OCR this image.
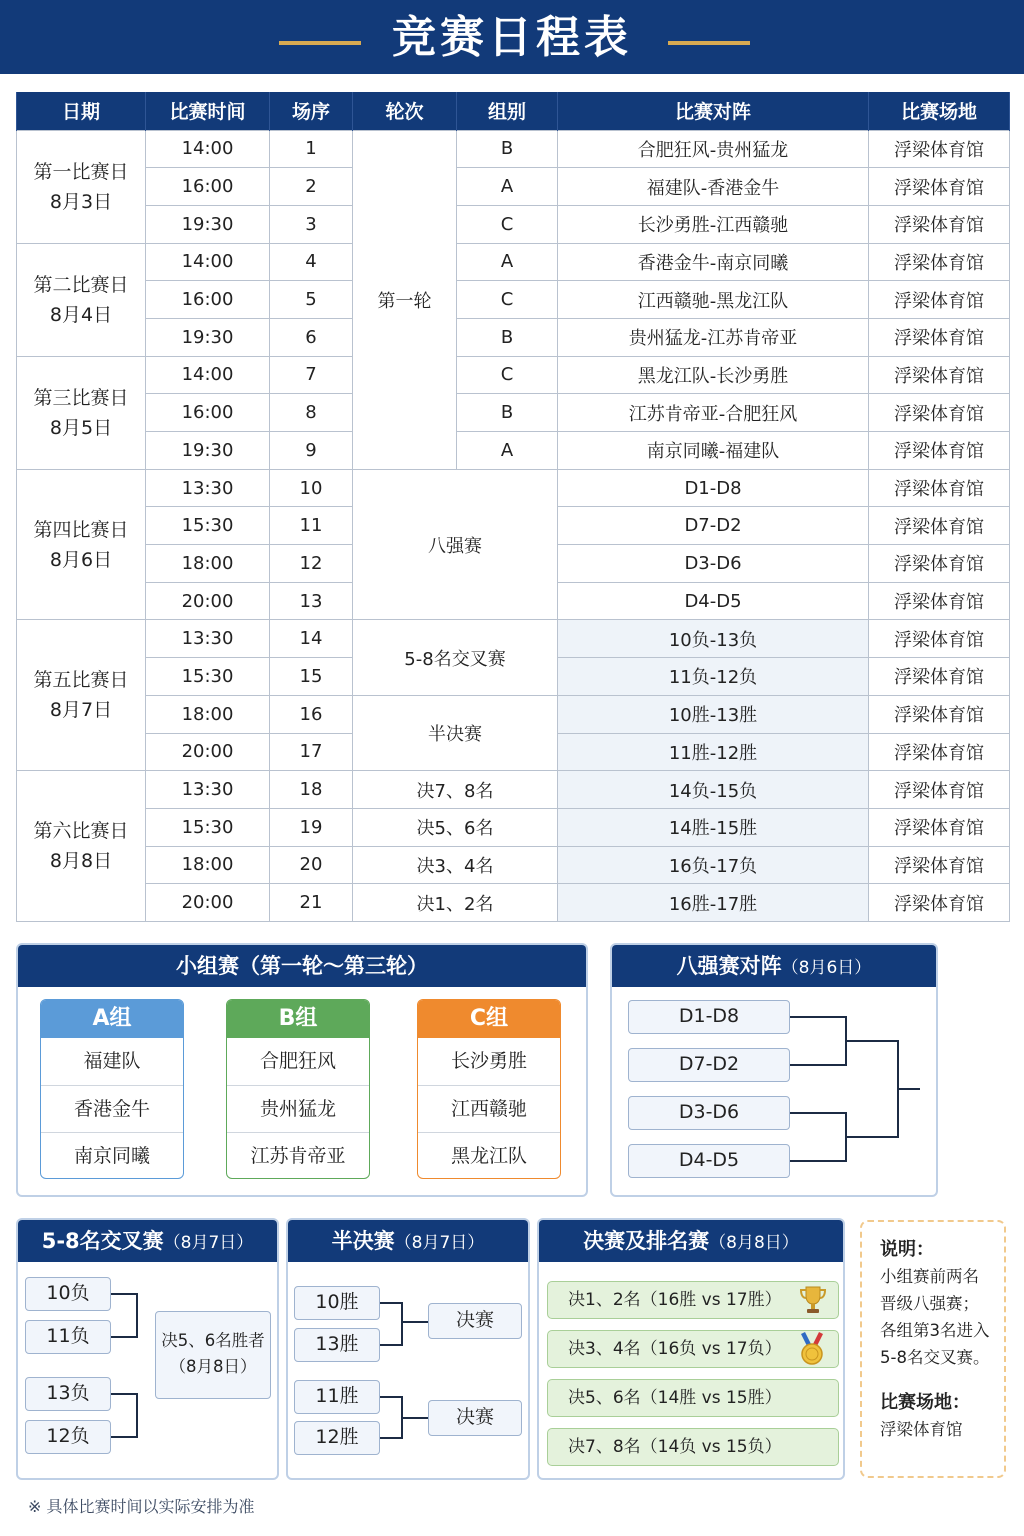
竞赛日程表
日期	比赛时间	场序	轮次	组别	比赛对阵	比赛场地
第一比赛日
8月3日	14:00	1	第一轮	B	合肥狂风-贵州猛龙	浮梁体育馆
	16:00	2		A	福建队-香港金牛	浮梁体育馆
	19:30	3		C	长沙勇胜-江西赣驰	浮梁体育馆
第二比赛日
8月4日	14:00	4		A	香港金牛-南京同曦	浮梁体育馆
	16:00	5		C	江西赣驰-黑龙江队	浮梁体育馆
	19:30	6		B	贵州猛龙-江苏肯帝亚	浮梁体育馆
第三比赛日
8月5日	14:00	7		C	黑龙江队-长沙勇胜	浮梁体育馆
	16:00	8		B	江苏肯帝亚-合肥狂风	浮梁体育馆
	19:30	9		A	南京同曦-福建队	浮梁体育馆
第四比赛日
8月6日	13:30	10	八强赛		D1-D8	浮梁体育馆
	15:30	11			D7-D2	浮梁体育馆
	18:00	12			D3-D6	浮梁体育馆
	20:00	13			D4-D5	浮梁体育馆
第五比赛日
8月7日	13:30	14	5-8名交叉赛		10负-13负	浮梁体育馆
	15:30	15			11负-12负	浮梁体育馆
	18:00	16	半决赛		10胜-13胜	浮梁体育馆
	20:00	17			11胜-12胜	浮梁体育馆
第六比赛日
8月8日	13:30	18	决7、8名		14负-15负	浮梁体育馆
	15:30	19	决5、6名		14胜-15胜	浮梁体育馆
	18:00	20	决3、4名		16负-17负	浮梁体育馆
	20:00	21	决1、2名		16胜-17胜	浮梁体育馆
小组赛（第一轮～第三轮）
A组
福建队
香港金牛
南京同曦
B组
合肥狂风
贵州猛龙
江苏肯帝亚
C组
长沙勇胜
江西赣驰
黑龙江队
八强赛对阵（8月6日）
D1-D8
D7-D2
D3-D6
D4-D5
5-8名交叉赛（8月7日）
10负
11负
13负
12负
决5、6名胜者
（8月8日）
半决赛（8月7日）
10胜
13胜
11胜
12胜
决赛
决赛
决赛及排名赛（8月8日）
决1、2名（16胜 vs 17胜）
决3、4名（16负 vs 17负）
决5、6名（14胜 vs 15胜）
决7、8名（14负 vs 15负）
说明：
小组赛前两名
晋级八强赛；
各组第3名进入
5-8名交叉赛。
比赛场地：
浮梁体育馆
※ 具体比赛时间以实际安排为准
